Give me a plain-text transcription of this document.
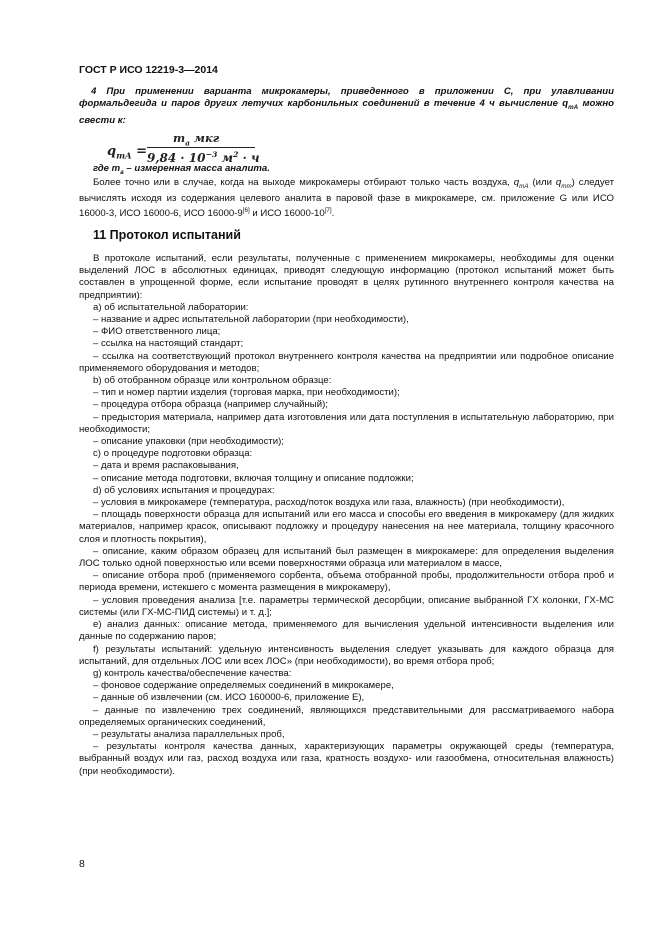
ГОСТ Р ИСО 12219-3—2014

4 При применении варианта микрокамеры, приведенного в приложении С, при улавливании формальдегида и паров других летучих карбонильных соединений в течение 4 ч вычисление $q_{mA}$ можно свести к:

$q_{mA}$ =
$m_a$ мкг
$9,84 \cdot 10^{-3}$ $м^2 \cdot ч$
где $m_a$ – измеренная масса аналита.

Более точно или в случае, когда на выходе микрокамеры отбирают только часть воздуха, $q_{mA}$ (или $q_{mm}$) следует вычислять исходя из содержания целевого аналита в паровой фазе в микрокамере, см. приложение G или ИСО 16000-3, ИСО 16000-6, ИСО 16000-9[6] и ИСО 16000-10[7].

11 Протокол испытаний

В протоколе испытаний, если результаты, полученные с применением микрокамеры, необходимы для оценки выделений ЛОС в абсолютных единицах, приводят следующую информацию (протокол испытаний может быть составлен в упрощенной форме, если испытание проводят в целях рутинного внутреннего контроля качества на предприятии):

a) об испытательной лаборатории:

– название и адрес испытательной лаборатории (при необходимости),

– ФИО ответственного лица;

– ссылка на настоящий стандарт;

– ссылка на соответствующий протокол внутреннего контроля качества на предприятии или подробное описание применяемого оборудования и методов;

b) об отобранном образце или контрольном образце:

– тип и номер партии изделия (торговая марка, при необходимости);

– процедура отбора образца (например случайный);

– предыстория материала, например дата изготовления или дата поступления в испытательную лабораторию, при необходимости;

– описание упаковки (при необходимости);

c) о процедуре подготовки образца:

– дата и время распаковывания,

– описание метода подготовки, включая толщину и описание подложки;

d) об условиях испытания и процедурах:

– условия в микрокамере (температура, расход/поток воздуха или газа, влажность) (при необходимости),

– площадь поверхности образца для испытаний или его масса и способы его введения в микрокамеру (для жидких материалов, например красок, описывают подложку и процедуру нанесения на нее материала, толщину красочного слоя и плотность покрытия),

– описание, каким образом образец для испытаний был размещен в микрокамере: для определения выделения ЛОС только одной поверхностью или всеми поверхностями образца или материалом в массе,

– описание отбора проб (применяемого сорбента, объема отобранной пробы, продолжительности отбора проб и периода времени, истекшего с момента размещения в микрокамеру),

– условия проведения анализа [т.е. параметры термической десорбции, описание выбранной ГХ колонки, ГХ-МС системы (или ГХ-МС-ПИД системы) и т. д.];

e) анализ данных: описание метода, применяемого для вычисления удельной интенсивности выделения или данные по содержанию паров;

f) результаты испытаний: удельную интенсивность выделения следует указывать для каждого образца для испытаний, для отдельных ЛОС или всех ЛОС» (при необходимости), во время отбора проб;

g) контроль качества/обеспечение качества:

– фоновое содержание определяемых соединений в микрокамере,

– данные об извлечении (см. ИСО 160000-6, приложение Е),

– данные по извлечению трех соединений, являющихся представительными для рассматриваемого набора определяемых органических соединений,

– результаты анализа параллельных проб,

– результаты контроля качества данных, характеризующих параметры окружающей среды (температура, выбранный воздух или газ, расход воздуха или газа, кратность воздухо- или газообмена, относительная влажность) (при необходимости).

8
